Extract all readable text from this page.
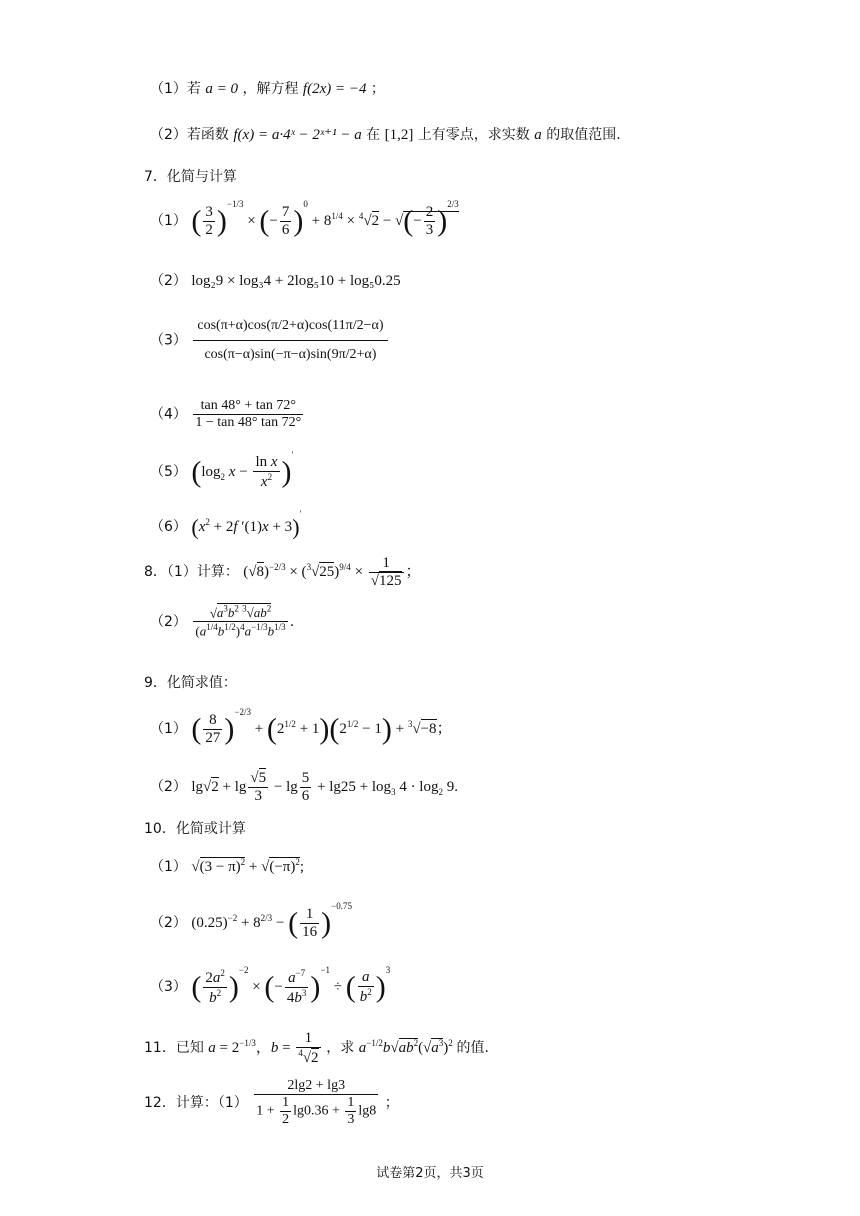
（1）若 a = 0 ，解方程 f(2x) = −4 ；
（2）若函数 f(x) = a·4ˣ − 2ˣ⁺¹ − a 在 [1,2] 上有零点，求实数 a 的取值范围.
7．化简与计算
（1） ( $\frac{3}{2} )^{-1/3}$ × (− $\frac{7}{6} )^0 + 8^{1/4} \times ^4√2$ − √(− $\frac{2}{3} )^{2/3}$
（2） log₂9 × log₃4 + 2log₅10 + log₅0.25
$(3) \frac{\cos(\pi+\alpha)\cos(\pi/2+\alpha)\cos(11\pi/2-\alpha)}{\cos(\pi-\alpha)\sin(-\pi-\alpha)\sin(9\pi/2+\alpha)}$
$(4) \frac{\tan 48^\circ + \tan 72^\circ}{1 - \tan 48^\circ \tan 72^\circ}$
（5） ($\log_2$ $x - \frac{\text{ln x}}{x^2} )'$
（6） ($x^2 + 2f$ ′(1)x + 3)′
8．（1）计算： $(√8)^{-2/3} \times (^3√25)^{9/4} \times \frac{1}{√125}$ ；
$(2) \frac{√a^3b^2 ^3√ab^2}{(a^{1/4}b^{1/2})^4a^{-1/3}b^{1/3}}$ .
9．化简求值：
（1） ( $\frac{8}{27} )^{-2/3} + (2^{1/2} + 1)(2^{1/2} - 1) + ^3√-8$；
（2） $\lg√2 + \lg \frac{√5}{3} - \lg \frac{5}{6} + \lg 25 + \log_3 4 \cdot \log_2 9$.
10．化简或计算
（1） $√(3 - \pi)^2 + √(-\pi)^2$;
（2） $(0.25)^{-2} + 8^{2/3}$ − ( $\frac{1}{16} )^{-0.75}$
（3） ( $\frac{2a^2}{b^2} )^{-2}$ × (− $\frac{a^{-7}}{4b^3} )^{-1}$ ÷ ( $\frac{a}{b^2} )^3$
11．已知 $a = 2^{-1/3}$，$b = \frac{1}{^4√2}$ ，求 $a^{-1/2}b√ab^2(√a^3)^2$ 的值.
12．计算：$(1) \frac{2\lg 2 + \lg 3}{1 + \frac{1}{2} \lg 0.36 + \frac{1}{3} \lg 8}$ ；
试卷第2页，共3页
